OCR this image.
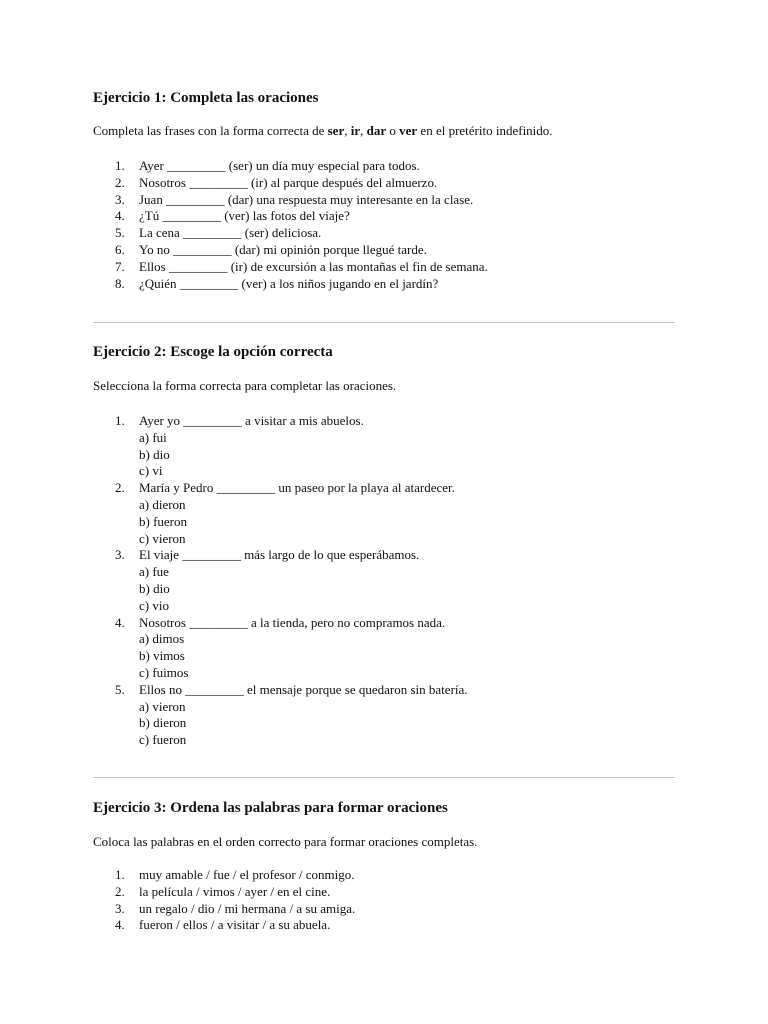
Ejercicio 1: Completa las oraciones

Completa las frases con la forma correcta de ser, ir, dar o ver en el pretérito indefinido.

1. Ayer _________ (ser) un día muy especial para todos.
2. Nosotros _________ (ir) al parque después del almuerzo.
3. Juan _________ (dar) una respuesta muy interesante en la clase.
4. ¿Tú _________ (ver) las fotos del viaje?
5. La cena _________ (ser) deliciosa.
6. Yo no _________ (dar) mi opinión porque llegué tarde.
7. Ellos _________ (ir) de excursión a las montañas el fin de semana.
8. ¿Quién _________ (ver) a los niños jugando en el jardín?
Ejercicio 2: Escoge la opción correcta

Selecciona la forma correcta para completar las oraciones.

1. Ayer yo _________ a visitar a mis abuelos.
a) fui
b) dio
c) vi
2. María y Pedro _________ un paseo por la playa al atardecer.
a) dieron
b) fueron
c) vieron
3. El viaje _________ más largo de lo que esperábamos.
a) fue
b) dio
c) vio
4. Nosotros _________ a la tienda, pero no compramos nada.
a) dimos
b) vimos
c) fuimos
5. Ellos no _________ el mensaje porque se quedaron sin batería.
a) vieron
b) dieron
c) fueron
Ejercicio 3: Ordena las palabras para formar oraciones

Coloca las palabras en el orden correcto para formar oraciones completas.

1. muy amable / fue / el profesor / conmigo.
2. la película / vimos / ayer / en el cine.
3. un regalo / dio / mi hermana / a su amiga.
4. fueron / ellos / a visitar / a su abuela.
